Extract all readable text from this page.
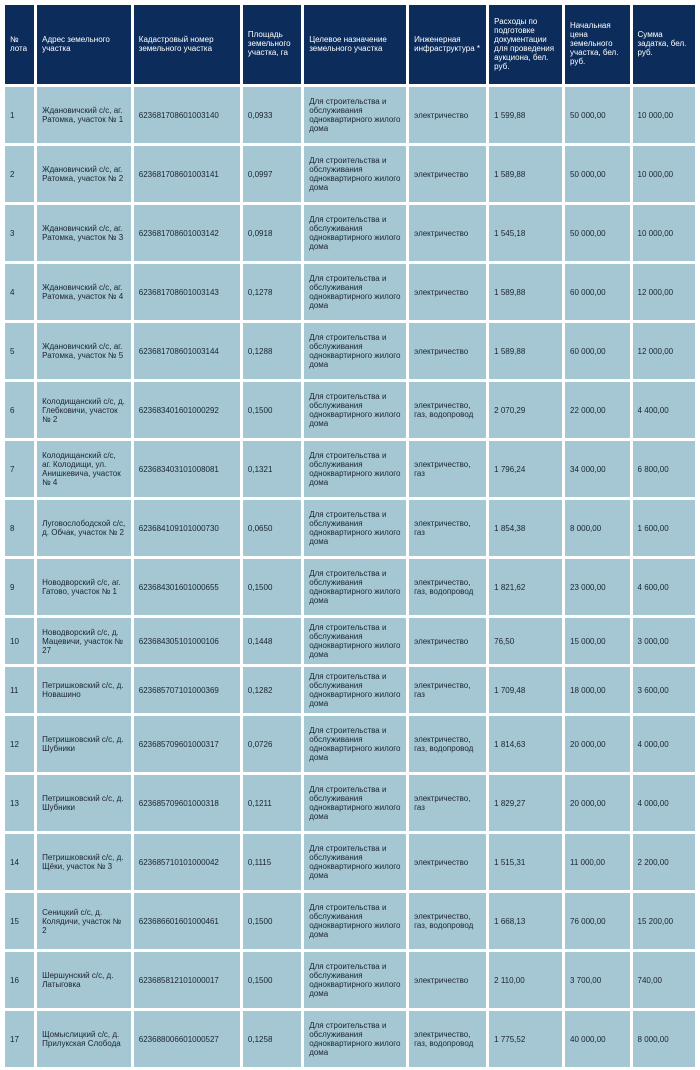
№ лота	Адрес земельного участка	Кадастровый номер земельного участка	Площадь земельного участка, га	Целевое назначение земельного участка	Инженерная инфраструктура *	Расходы по подготовке документации для проведения аукциона, бел. руб.	Начальная цена земельного участка, бел. руб.	Сумма задатка, бел. руб.
1	Ждановичский с/с, аг. Ратомка, участок № 1	623681708601003140	0,0933	Для строительства и обслуживания одноквартирного жилого дома	электричество	1 599,88	50 000,00	10 000,00
2	Ждановичский с/с, аг. Ратомка, участок № 2	623681708601003141	0,0997	Для строительства и обслуживания одноквартирного жилого дома	электричество	1 589,88	50 000,00	10 000,00
3	Ждановичский с/с, аг. Ратомка, участок № 3	623681708601003142	0,0918	Для строительства и обслуживания одноквартирного жилого дома	электричество	1 545,18	50 000,00	10 000,00
4	Ждановичский с/с, аг. Ратомка, участок № 4	623681708601003143	0,1278	Для строительства и обслуживания одноквартирного жилого дома	электричество	1 589,88	60 000,00	12 000,00
5	Ждановичский с/с, аг. Ратомка, участок № 5	623681708601003144	0,1288	Для строительства и обслуживания одноквартирного жилого дома	электричество	1 589,88	60 000,00	12 000,00
6	Колодищанский с/с, д. Глебковичи, участок № 2	623683401601000292	0,1500	Для строительства и обслуживания одноквартирного жилого дома	электричество, газ, водопровод	2 070,29	22 000,00	4 400,00
7	Колодищанский с/с, аг. Колодищи, ул. Анишкевича, участок № 4	623683403101008081	0,1321	Для строительства и обслуживания одноквартирного жилого дома	электричество, газ	1 796,24	34 000,00	6 800,00
8	Луговослободской с/с, д. Обчак, участок № 2	623684109101000730	0,0650	Для строительства и обслуживания одноквартирного жилого дома	электричество, газ	1 854,38	8 000,00	1 600,00
9	Новодворский с/с, аг. Гатово, участок № 1	623684301601000655	0,1500	Для строительства и обслуживания одноквартирного жилого дома	электричество, газ, водопровод	1 821,62	23 000,00	4 600,00
10	Новодворский с/с, д. Мацевичи, участок № 27	623684305101000106	0,1448	Для строительства и обслуживания одноквартирного жилого дома	электричество	76,50	15 000,00	3 000,00
11	Петришковский с/с, д. Новашино	623685707101000369	0,1282	Для строительства и обслуживания одноквартирного жилого дома	электричество, газ	1 709,48	18 000,00	3 600,00
12	Петришковский с/с, д. Шубники	623685709601000317	0,0726	Для строительства и обслуживания одноквартирного жилого дома	электричество, газ, водопровод	1 814,63	20 000,00	4 000,00
13	Петришковский с/с, д. Шубники	623685709601000318	0,1211	Для строительства и обслуживания одноквартирного жилого дома	электричество, газ	1 829,27	20 000,00	4 000,00
14	Петришковский с/с, д. Щёки, участок № 3	623685710101000042	0,1115	Для строительства и обслуживания одноквартирного жилого дома	электричество	1 515,31	11 000,00	2 200,00
15	Сеницкий с/с, д. Колядичи, участок № 2	623686601601000461	0,1500	Для строительства и обслуживания одноквартирного жилого дома	электричество, газ, водопровод	1 668,13	76 000,00	15 200,00
16	Шершунский с/с, д. Латыговка	623685812101000017	0,1500	Для строительства и обслуживания одноквартирного жилого дома	электричество	2 110,00	3 700,00	740,00
17	Щомыслицкий с/с, д. Прилукская Слобода	623688006601000527	0,1258	Для строительства и обслуживания одноквартирного жилого дома	электричество, газ, водопровод	1 775,52	40 000,00	8 000,00
